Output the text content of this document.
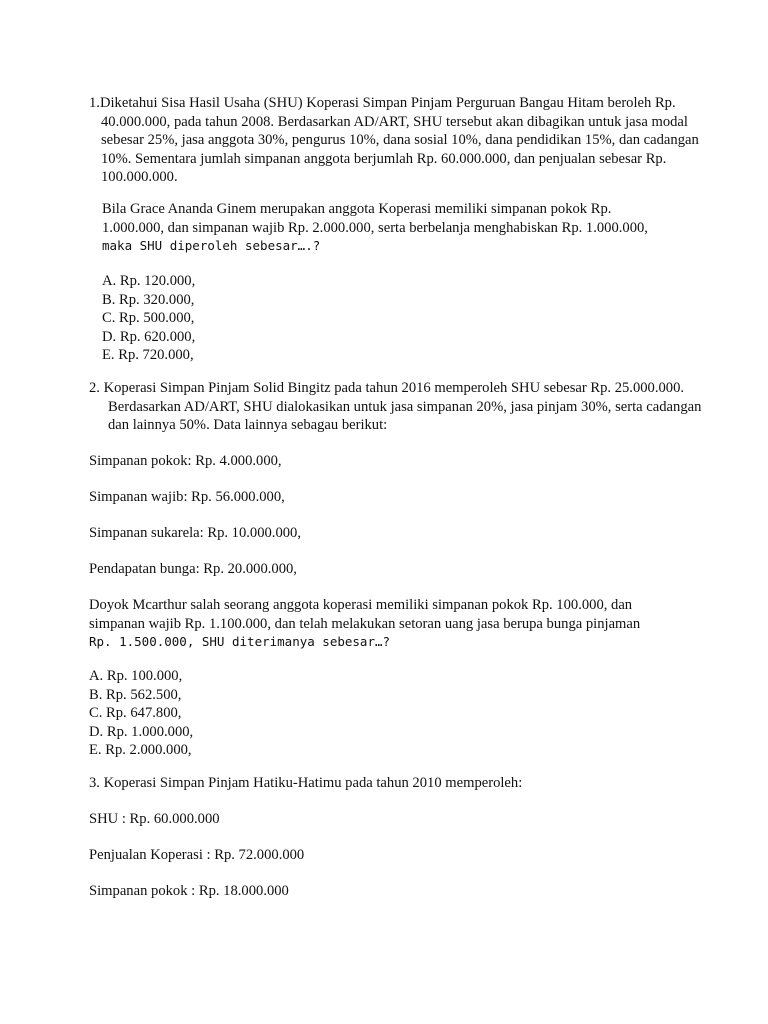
1.Diketahui Sisa Hasil Usaha (SHU) Koperasi Simpan Pinjam Perguruan Bangau Hitam beroleh Rp. 40.000.000, pada tahun 2008. Berdasarkan AD/ART, SHU tersebut akan dibagikan untuk jasa modal sebesar 25%, jasa anggota 30%, pengurus 10%, dana sosial 10%, dana pendidikan 15%, dan cadangan 10%. Sementara jumlah simpanan anggota berjumlah Rp. 60.000.000, dan penjualan sebesar Rp. 100.000.000.

Bila Grace Ananda Ginem merupakan anggota Koperasi memiliki simpanan pokok Rp.

1.000.000, dan simpanan wajib Rp. 2.000.000, serta berbelanja menghabiskan Rp. 1.000.000,

maka SHU diperoleh sebesar….?

A. Rp. 120.000,

B. Rp. 320.000,

C. Rp. 500.000,

D. Rp. 620.000,

E. Rp. 720.000,

2. Koperasi Simpan Pinjam Solid Bingitz pada tahun 2016 memperoleh SHU sebesar Rp. 25.000.000. Berdasarkan AD/ART, SHU dialokasikan untuk jasa simpanan 20%, jasa pinjam 30%, serta cadangan dan lainnya 50%. Data lainnya sebagau berikut:

Simpanan pokok: Rp. 4.000.000,

Simpanan wajib: Rp. 56.000.000,

Simpanan sukarela: Rp. 10.000.000,

Pendapatan bunga: Rp. 20.000.000,

Doyok Mcarthur salah seorang anggota koperasi memiliki simpanan pokok Rp. 100.000, dan

simpanan wajib Rp. 1.100.000, dan telah melakukan setoran uang jasa berupa bunga pinjaman

Rp. 1.500.000, SHU diterimanya sebesar…?

A. Rp. 100.000,

B. Rp. 562.500,

C. Rp. 647.800,

D. Rp. 1.000.000,

E. Rp. 2.000.000,

3. Koperasi Simpan Pinjam Hatiku-Hatimu pada tahun 2010 memperoleh:

SHU : Rp. 60.000.000

Penjualan Koperasi : Rp. 72.000.000

Simpanan pokok : Rp. 18.000.000
